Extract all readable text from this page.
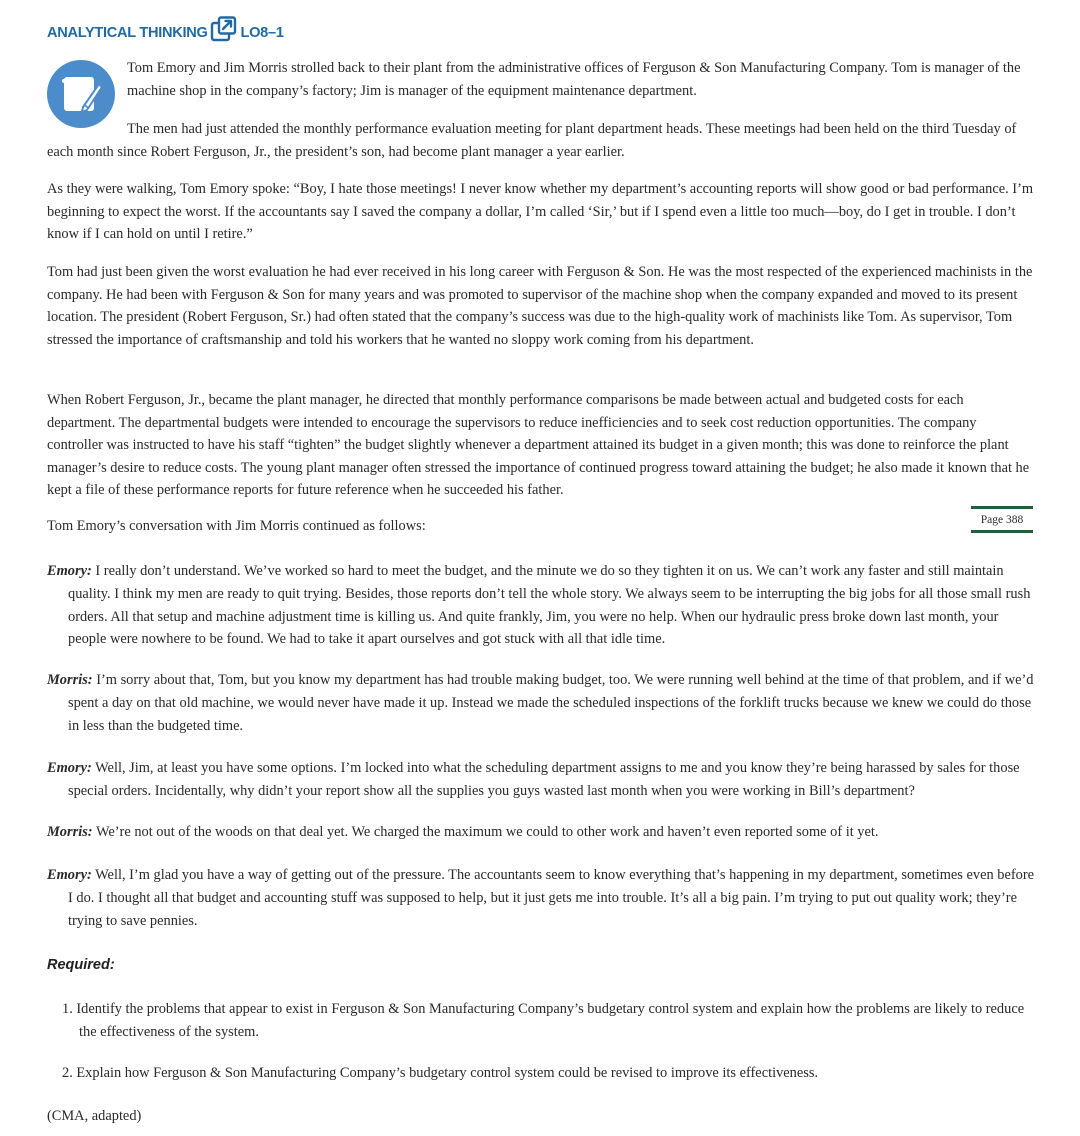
ANALYTICAL THINKING LO8–1

Tom Emory and Jim Morris strolled back to their plant from the administrative offices of Ferguson & Son Manufacturing Company. Tom is manager of the machine shop in the company’s factory; Jim is manager of the equipment maintenance department.

The men had just attended the monthly performance evaluation meeting for plant department heads. These meetings had been held on the third Tuesday of each month since Robert Ferguson, Jr., the president’s son, had become plant manager a year earlier.

As they were walking, Tom Emory spoke: “Boy, I hate those meetings! I never know whether my department’s accounting reports will show good or bad performance. I’m beginning to expect the worst. If the accountants say I saved the company a dollar, I’m called ‘Sir,’ but if I spend even a little too much—boy, do I get in trouble. I don’t know if I can hold on until I retire.”

Tom had just been given the worst evaluation he had ever received in his long career with Ferguson & Son. He was the most respected of the experienced machinists in the company. He had been with Ferguson & Son for many years and was promoted to supervisor of the machine shop when the company expanded and moved to its present location. The president (Robert Ferguson, Sr.) had often stated that the company’s success was due to the high-quality work of machinists like Tom. As supervisor, Tom stressed the importance of craftsmanship and told his workers that he wanted no sloppy work coming from his department.

When Robert Ferguson, Jr., became the plant manager, he directed that monthly performance comparisons be made between actual and budgeted costs for each department. The departmental budgets were intended to encourage the supervisors to reduce inefficiencies and to seek cost reduction opportunities. The company controller was instructed to have his staff “tighten” the budget slightly whenever a department attained its budget in a given month; this was done to reinforce the plant manager’s desire to reduce costs. The young plant manager often stressed the importance of continued progress toward attaining the budget; he also made it known that he kept a file of these performance reports for future reference when he succeeded his father.

Tom Emory’s conversation with Jim Morris continued as follows:	Page 388
Emory: I really don’t understand. We’ve worked so hard to meet the budget, and the minute we do so they tighten it on us. We can’t work any faster and still maintain quality. I think my men are ready to quit trying. Besides, those reports don’t tell the whole story. We always seem to be interrupting the big jobs for all those small rush orders. All that setup and machine adjustment time is killing us. And quite frankly, Jim, you were no help. When our hydraulic press broke down last month, your people were nowhere to be found. We had to take it apart ourselves and got stuck with all that idle time.
Morris: I’m sorry about that, Tom, but you know my department has had trouble making budget, too. We were running well behind at the time of that problem, and if we’d spent a day on that old machine, we would never have made it up. Instead we made the scheduled inspections of the forklift trucks because we knew we could do those in less than the budgeted time.
Emory: Well, Jim, at least you have some options. I’m locked into what the scheduling department assigns to me and you know they’re being harassed by sales for those special orders. Incidentally, why didn’t your report show all the supplies you guys wasted last month when you were working in Bill’s department?
Morris: We’re not out of the woods on that deal yet. We charged the maximum we could to other work and haven’t even reported some of it yet.
Emory: Well, I’m glad you have a way of getting out of the pressure. The accountants seem to know everything that’s happening in my department, sometimes even before I do. I thought all that budget and accounting stuff was supposed to help, but it just gets me into trouble. It’s all a big pain. I’m trying to put out quality work; they’re trying to save pennies.
Required:
1. Identify the problems that appear to exist in Ferguson & Son Manufacturing Company’s budgetary control system and explain how the problems are likely to reduce the effectiveness of the system.
2. Explain how Ferguson & Son Manufacturing Company’s budgetary control system could be revised to improve its effectiveness.
(CMA, adapted)
